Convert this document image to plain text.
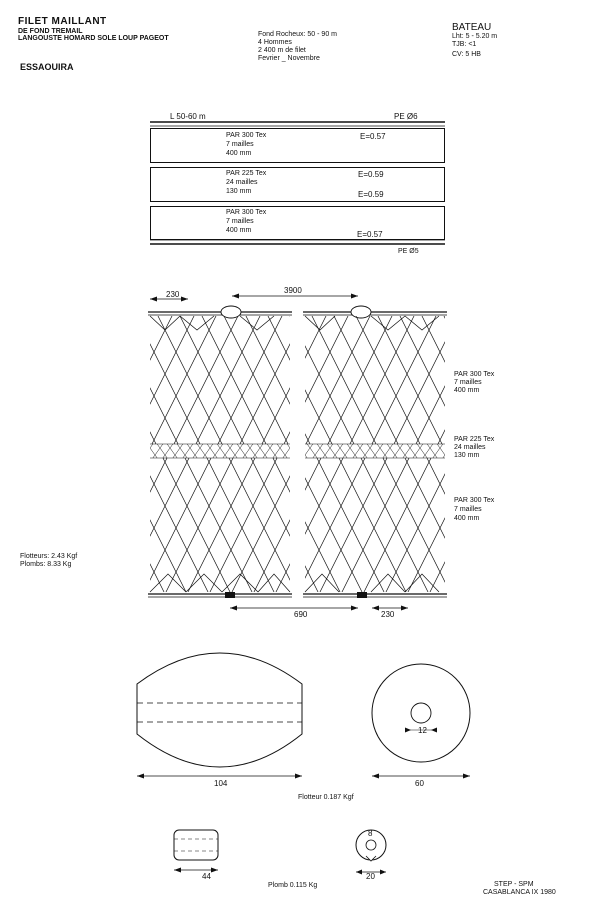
FILET MAILLANT
DE FOND TREMAIL
LANGOUSTE HOMARD SOLE LOUP PAGEOT
ESSAOUIRA
Fond Rocheux: 50 - 90 m
4 Hommes
2 400 m de filet
Fevrier _ Novembre
BATEAU
Lht: 5 - 5.20 m
TJB: <1
CV: 5 HB
L 50-60 m	PE Ø6
PAR 300 Tex
7 mailles
400 mm
E=0.57
PAR 225 Tex
24 mailles
130 mm
E=0.59
E=0.59
PAR 300 Tex
7 mailles
400 mm	E=0.57
PE Ø5
230	3900
690	230
PAR 300 Tex
7 mailles
400 mm
PAR 225 Tex
24 mailles
130 mm
PAR 300 Tex
7 mailles
400 mm
Flotteurs: 2.43 Kgf
Plombs: 8.33 Kg
104	60
12
Flotteur 0.187 Kgf
44
8
20
Plomb 0.115 Kg	STEP - SPM
CASABLANCA IX 1980
